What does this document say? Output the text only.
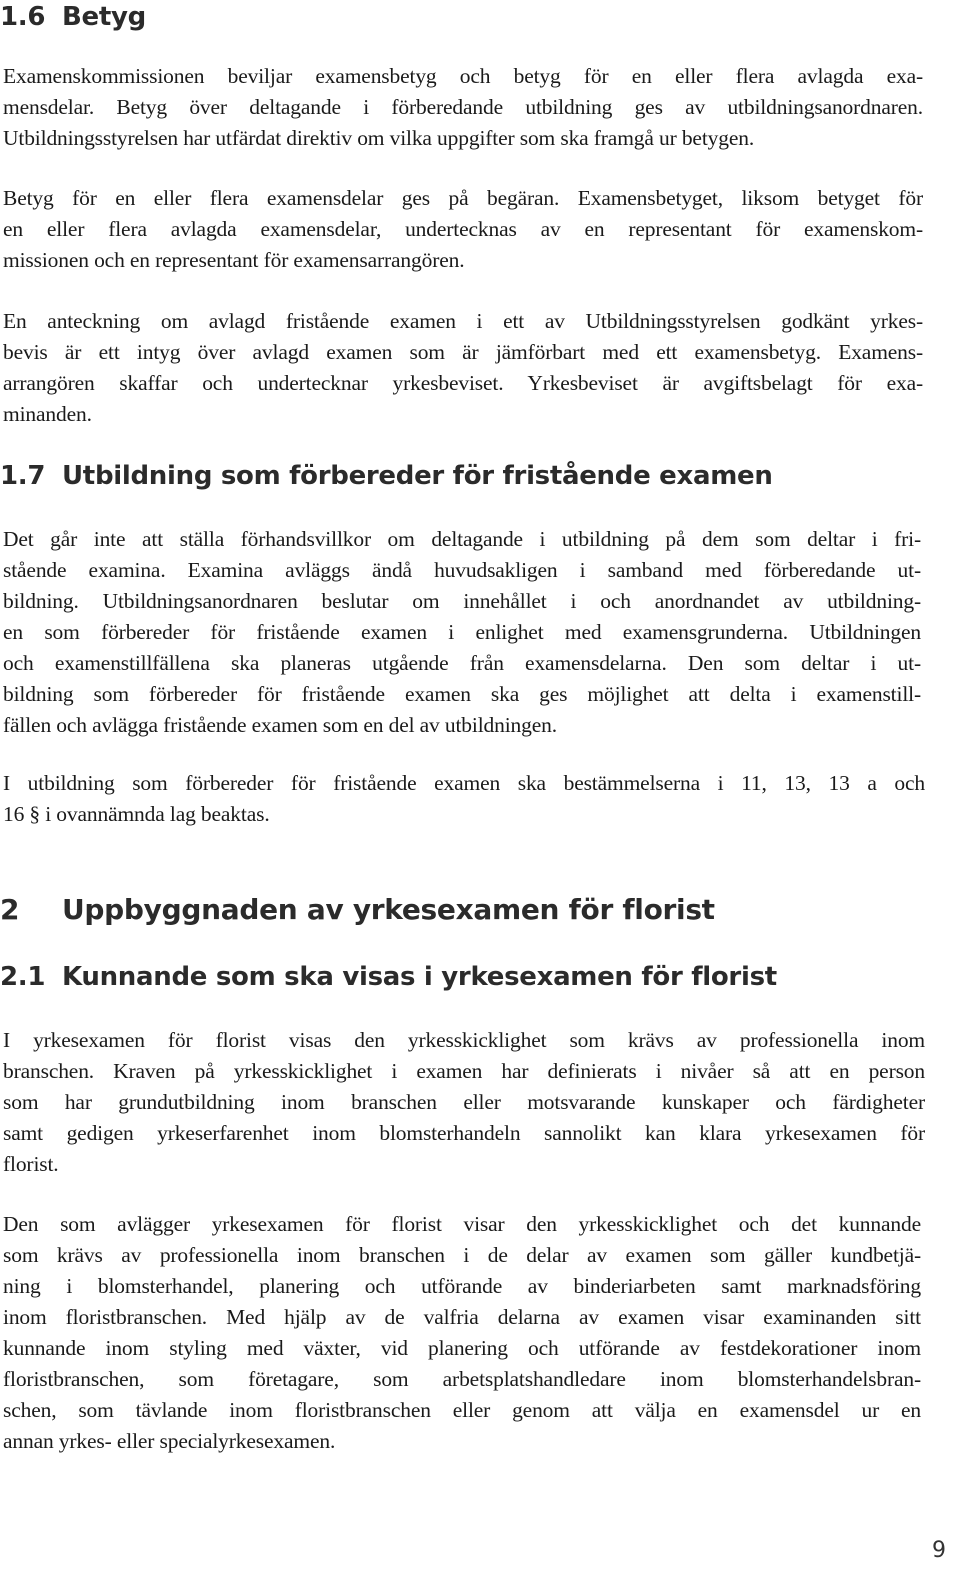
1.6 Betyg
Examenskommissionen beviljar examensbetyg och betyg för en eller flera avlagda exa-
mensdelar. Betyg över deltagande i förberedande utbildning ges av utbildningsanordnaren.
Utbildningsstyrelsen har utfärdat direktiv om vilka uppgifter som ska framgå ur betygen.
Betyg för en eller flera examensdelar ges på begäran. Examensbetyget, liksom betyget för
en eller flera avlagda examensdelar, undertecknas av en representant för examenskom-
missionen och en representant för examensarrangören.
En anteckning om avlagd fristående examen i ett av Utbildningsstyrelsen godkänt yrkes-
bevis är ett intyg över avlagd examen som är jämförbart med ett examensbetyg. Examens-
arrangören skaffar och undertecknar yrkesbeviset. Yrkesbeviset är avgiftsbelagt för exa-
minanden.
1.7 Utbildning som förbereder för fristående examen
Det går inte att ställa förhandsvillkor om deltagande i utbildning på dem som deltar i fri-
stående examina. Examina avläggs ändå huvudsakligen i samband med förberedande ut-
bildning. Utbildningsanordnaren beslutar om innehållet i och anordnandet av utbildning-
en som förbereder för fristående examen i enlighet med examensgrunderna. Utbildningen
och examenstillfällena ska planeras utgående från examensdelarna. Den som deltar i ut-
bildning som förbereder för fristående examen ska ges möjlighet att delta i examenstill-
fällen och avlägga fristående examen som en del av utbildningen.
I utbildning som förbereder för fristående examen ska bestämmelserna i 11, 13, 13 a och
16 § i ovannämnda lag beaktas.
2 Uppbyggnaden av yrkesexamen för florist
2.1 Kunnande som ska visas i yrkesexamen för florist
I yrkesexamen för florist visas den yrkesskicklighet som krävs av professionella inom
branschen. Kraven på yrkesskicklighet i examen har definierats i nivåer så att en person
som har grundutbildning inom branschen eller motsvarande kunskaper och färdigheter
samt gedigen yrkeserfarenhet inom blomsterhandeln sannolikt kan klara yrkesexamen för
florist.
Den som avlägger yrkesexamen för florist visar den yrkesskicklighet och det kunnande
som krävs av professionella inom branschen i de delar av examen som gäller kundbetjä-
ning i blomsterhandel, planering och utförande av binderiarbeten samt marknadsföring
inom floristbranschen. Med hjälp av de valfria delarna av examen visar examinanden sitt
kunnande inom styling med växter, vid planering och utförande av festdekorationer inom
floristbranschen, som företagare, som arbetsplatshandledare inom blomsterhandelsbran-
schen, som tävlande inom floristbranschen eller genom att välja en examensdel ur en
annan yrkes- eller specialyrkesexamen.
9
